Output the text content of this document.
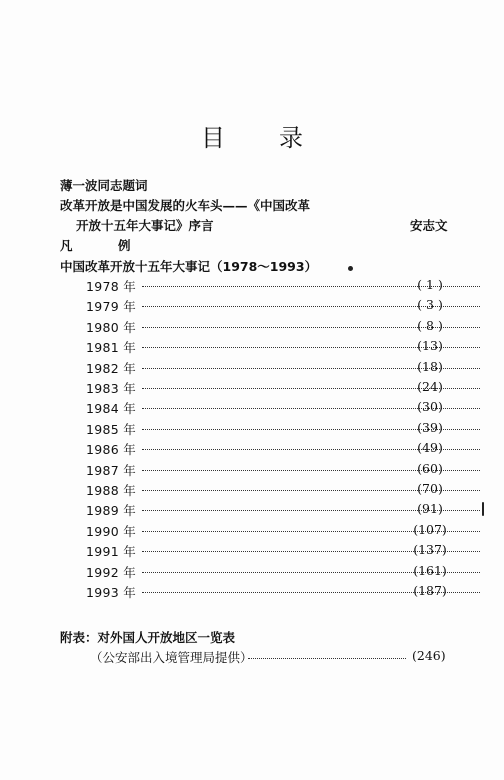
目 录
薄一波同志题词
改革开放是中国发展的火车头——《中国改革
开放十五年大事记》序言	安志文
凡	例
中国改革开放十五年大事记（1978～1993）
1978 年	( 1 )
1979 年	( 3 )
1980 年	( 8 )
1981 年	(13)
1982 年	(18)
1983 年	(24)
1984 年	(30)
1985 年	(39)
1986 年	(49)
1987 年	(60)
1988 年	(70)
1989 年	(91)
1990 年	(107)
1991 年	(137)
1992 年	(161)
1993 年	(187)
附表：对外国人开放地区一览表
（公安部出入境管理局提供）	(246)
